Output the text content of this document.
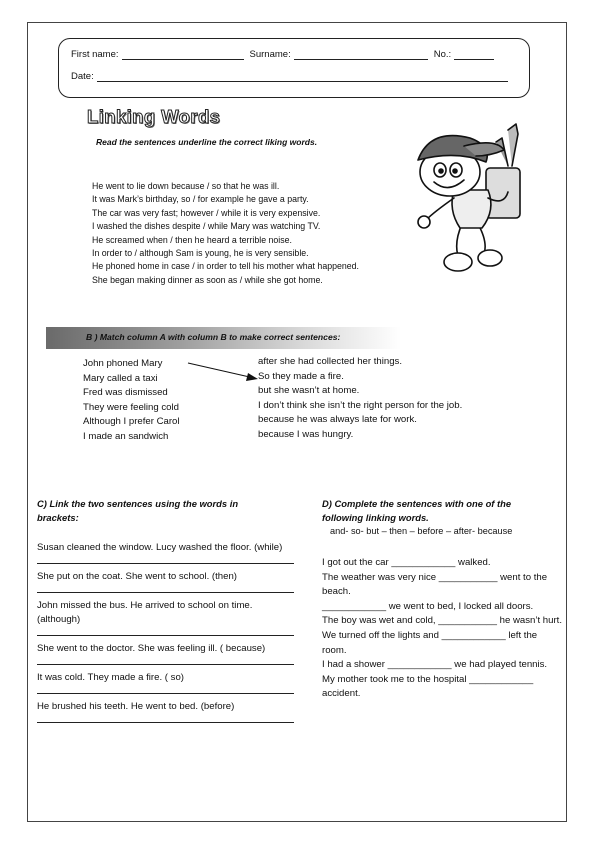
First name:	Surname:	No.:
Date:
Linking Words
Read the sentences underline the correct liking words.
He went to lie down because / so that he was ill.
It was Mark’s birthday, so / for example he gave a party.
The car was very fast; however / while it is very expensive.
I washed the dishes despite / while Mary was watching TV.
He screamed when / then he heard a terrible noise.
In order to / although Sam is young, he is very sensible.
He phoned home in case / in order to tell his mother what happened.
She began making dinner as soon as / while she got home.
B ) Match column A with column B to make correct sentences:
John phoned Mary
Mary called a taxi
Fred was dismissed
They were feeling cold
Although I prefer Carol
I made an sandwich
after she had collected her things.
So they made a fire.
but she wasn’t at home.
I don’t think she isn’t the right person for the job.
because he was always late for work.
because I was hungry.
C) Link the two sentences using the words in brackets:
Susan cleaned the window. Lucy washed the floor. (while)
She put on the coat. She went to school. (then)
John missed the bus. He arrived to school on time. (although)
She went to the doctor. She was feeling ill. ( because)
It was cold. They made a fire. ( so)
He brushed his teeth. He went to bed. (before)
D) Complete the sentences with one of the following linking words.
and- so- but – then – before – after- because
I got out the car ____________ walked.
The weather was very nice ___________ went to the beach.
____________ we went to bed, I locked all doors.
The boy was wet and cold, ___________ he wasn’t hurt.
We turned off the lights and ____________ left the room.
I had a shower ____________ we had played tennis.
My mother took me to the hospital ____________ accident.
